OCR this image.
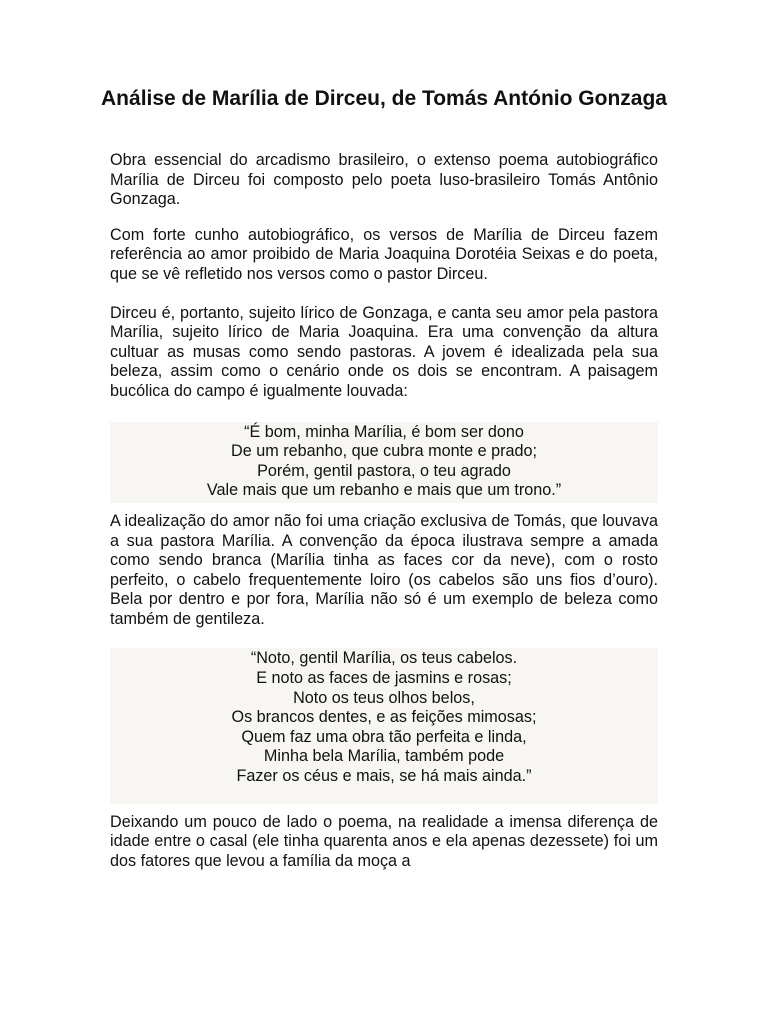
Análise de Marília de Dirceu, de Tomás António Gonzaga

Obra essencial do arcadismo brasileiro, o extenso poema autobiográfico Marília de Dirceu foi composto pelo poeta luso-brasileiro Tomás Antônio Gonzaga.

Com forte cunho autobiográfico, os versos de Marília de Dirceu fazem referência ao amor proibido de Maria Joaquina Dorotéia Seixas e do poeta, que se vê refletido nos versos como o pastor Dirceu.

Dirceu é, portanto, sujeito lírico de Gonzaga, e canta seu amor pela pastora Marília, sujeito lírico de Maria Joaquina. Era uma convenção da altura cultuar as musas como sendo pastoras. A jovem é idealizada pela sua beleza, assim como o cenário onde os dois se encontram. A paisagem bucólica do campo é igualmente louvada:

“É bom, minha Marília, é bom ser dono
De um rebanho, que cubra monte e prado;
Porém, gentil pastora, o teu agrado
Vale mais que um rebanho e mais que um trono.”

A idealização do amor não foi uma criação exclusiva de Tomás, que louvava a sua pastora Marília. A convenção da época ilustrava sempre a amada como sendo branca (Marília tinha as faces cor da neve), com o rosto perfeito, o cabelo frequentemente loiro (os cabelos são uns fios d’ouro). Bela por dentro e por fora, Marília não só é um exemplo de beleza como também de gentileza.

“Noto, gentil Marília, os teus cabelos.
E noto as faces de jasmins e rosas;
Noto os teus olhos belos,
Os brancos dentes, e as feições mimosas;
Quem faz uma obra tão perfeita e linda,
Minha bela Marília, também pode
Fazer os céus e mais, se há mais ainda.”

Deixando um pouco de lado o poema, na realidade a imensa diferença de idade entre o casal (ele tinha quarenta anos e ela apenas dezessete) foi um dos fatores que levou a família da moça a
